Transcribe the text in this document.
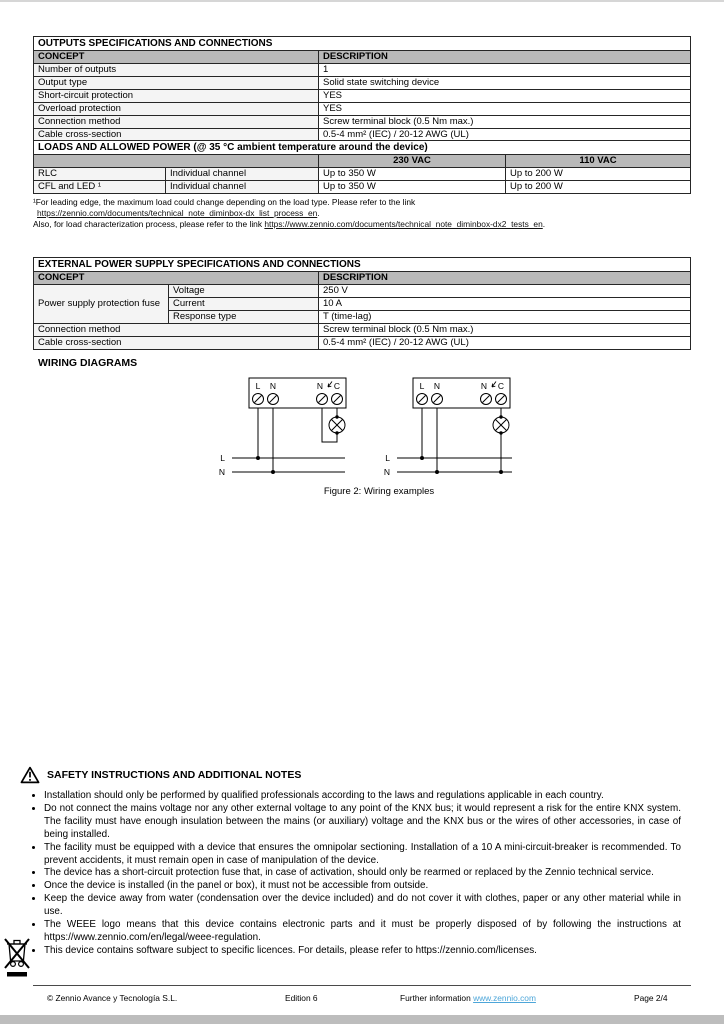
OUTPUTS SPECIFICATIONS AND CONNECTIONS	
CONCEPT	DESCRIPTION
Number of outputs	1
Output type	Solid state switching device
Short-circuit protection	YES
Overload protection	YES
Connection method	Screw terminal block (0.5 Nm max.)
Cable cross-section	0.5-4 mm² (IEC) / 20-12 AWG (UL)
LOADS AND ALLOWED POWER (@ 35 °C ambient temperature around the device)			
		230 VAC	110 VAC
RLC	Individual channel	Up to 350 W	Up to 200 W
CFL and LED ¹	Individual channel	Up to 350 W	Up to 200 W
¹For leading edge, the maximum load could change depending on the load type. Please refer to the link
https://zennio.com/documents/technical_note_diminbox-dx_list_process_en.
Also, for load characterization process, please refer to the link https://www.zennio.com/documents/technical_note_diminbox-dx2_tests_en.
EXTERNAL POWER SUPPLY SPECIFICATIONS AND CONNECTIONS		
CONCEPT		DESCRIPTION
Power supply protection fuse	Voltage	250 V
	Current	10 A
	Response type	T (time-lag)
Connection method		Screw terminal block (0.5 Nm max.)
Cable cross-section		0.5-4 mm² (IEC) / 20-12 AWG (UL)
WIRING DIAGRAMS
L N	N C
L
N
L N	N C
L
N
Figure 2: Wiring examples
SAFETY INSTRUCTIONS AND ADDITIONAL NOTES
• Installation should only be performed by qualified professionals according to the laws and regulations applicable in each country.
• Do not connect the mains voltage nor any other external voltage to any point of the KNX bus; it would represent a risk for the entire KNX system. The facility must have enough insulation between the mains (or auxiliary) voltage and the KNX bus or the wires of other accessories, in case of being installed.
• The facility must be equipped with a device that ensures the omnipolar sectioning. Installation of a 10 A mini-circuit-breaker is recommended. To prevent accidents, it must remain open in case of manipulation of the device.
• The device has a short-circuit protection fuse that, in case of activation, should only be rearmed or replaced by the Zennio technical service.
• Once the device is installed (in the panel or box), it must not be accessible from outside.
• Keep the device away from water (condensation over the device included) and do not cover it with clothes, paper or any other material while in use.
• The WEEE logo means that this device contains electronic parts and it must be properly disposed of by following the instructions at https://www.zennio.com/en/legal/weee-regulation.
• This device contains software subject to specific licences. For details, please refer to https://zennio.com/licenses.
© Zennio Avance y Tecnología S.L.	Edition 6	Further information www.zennio.com	Page 2/4
